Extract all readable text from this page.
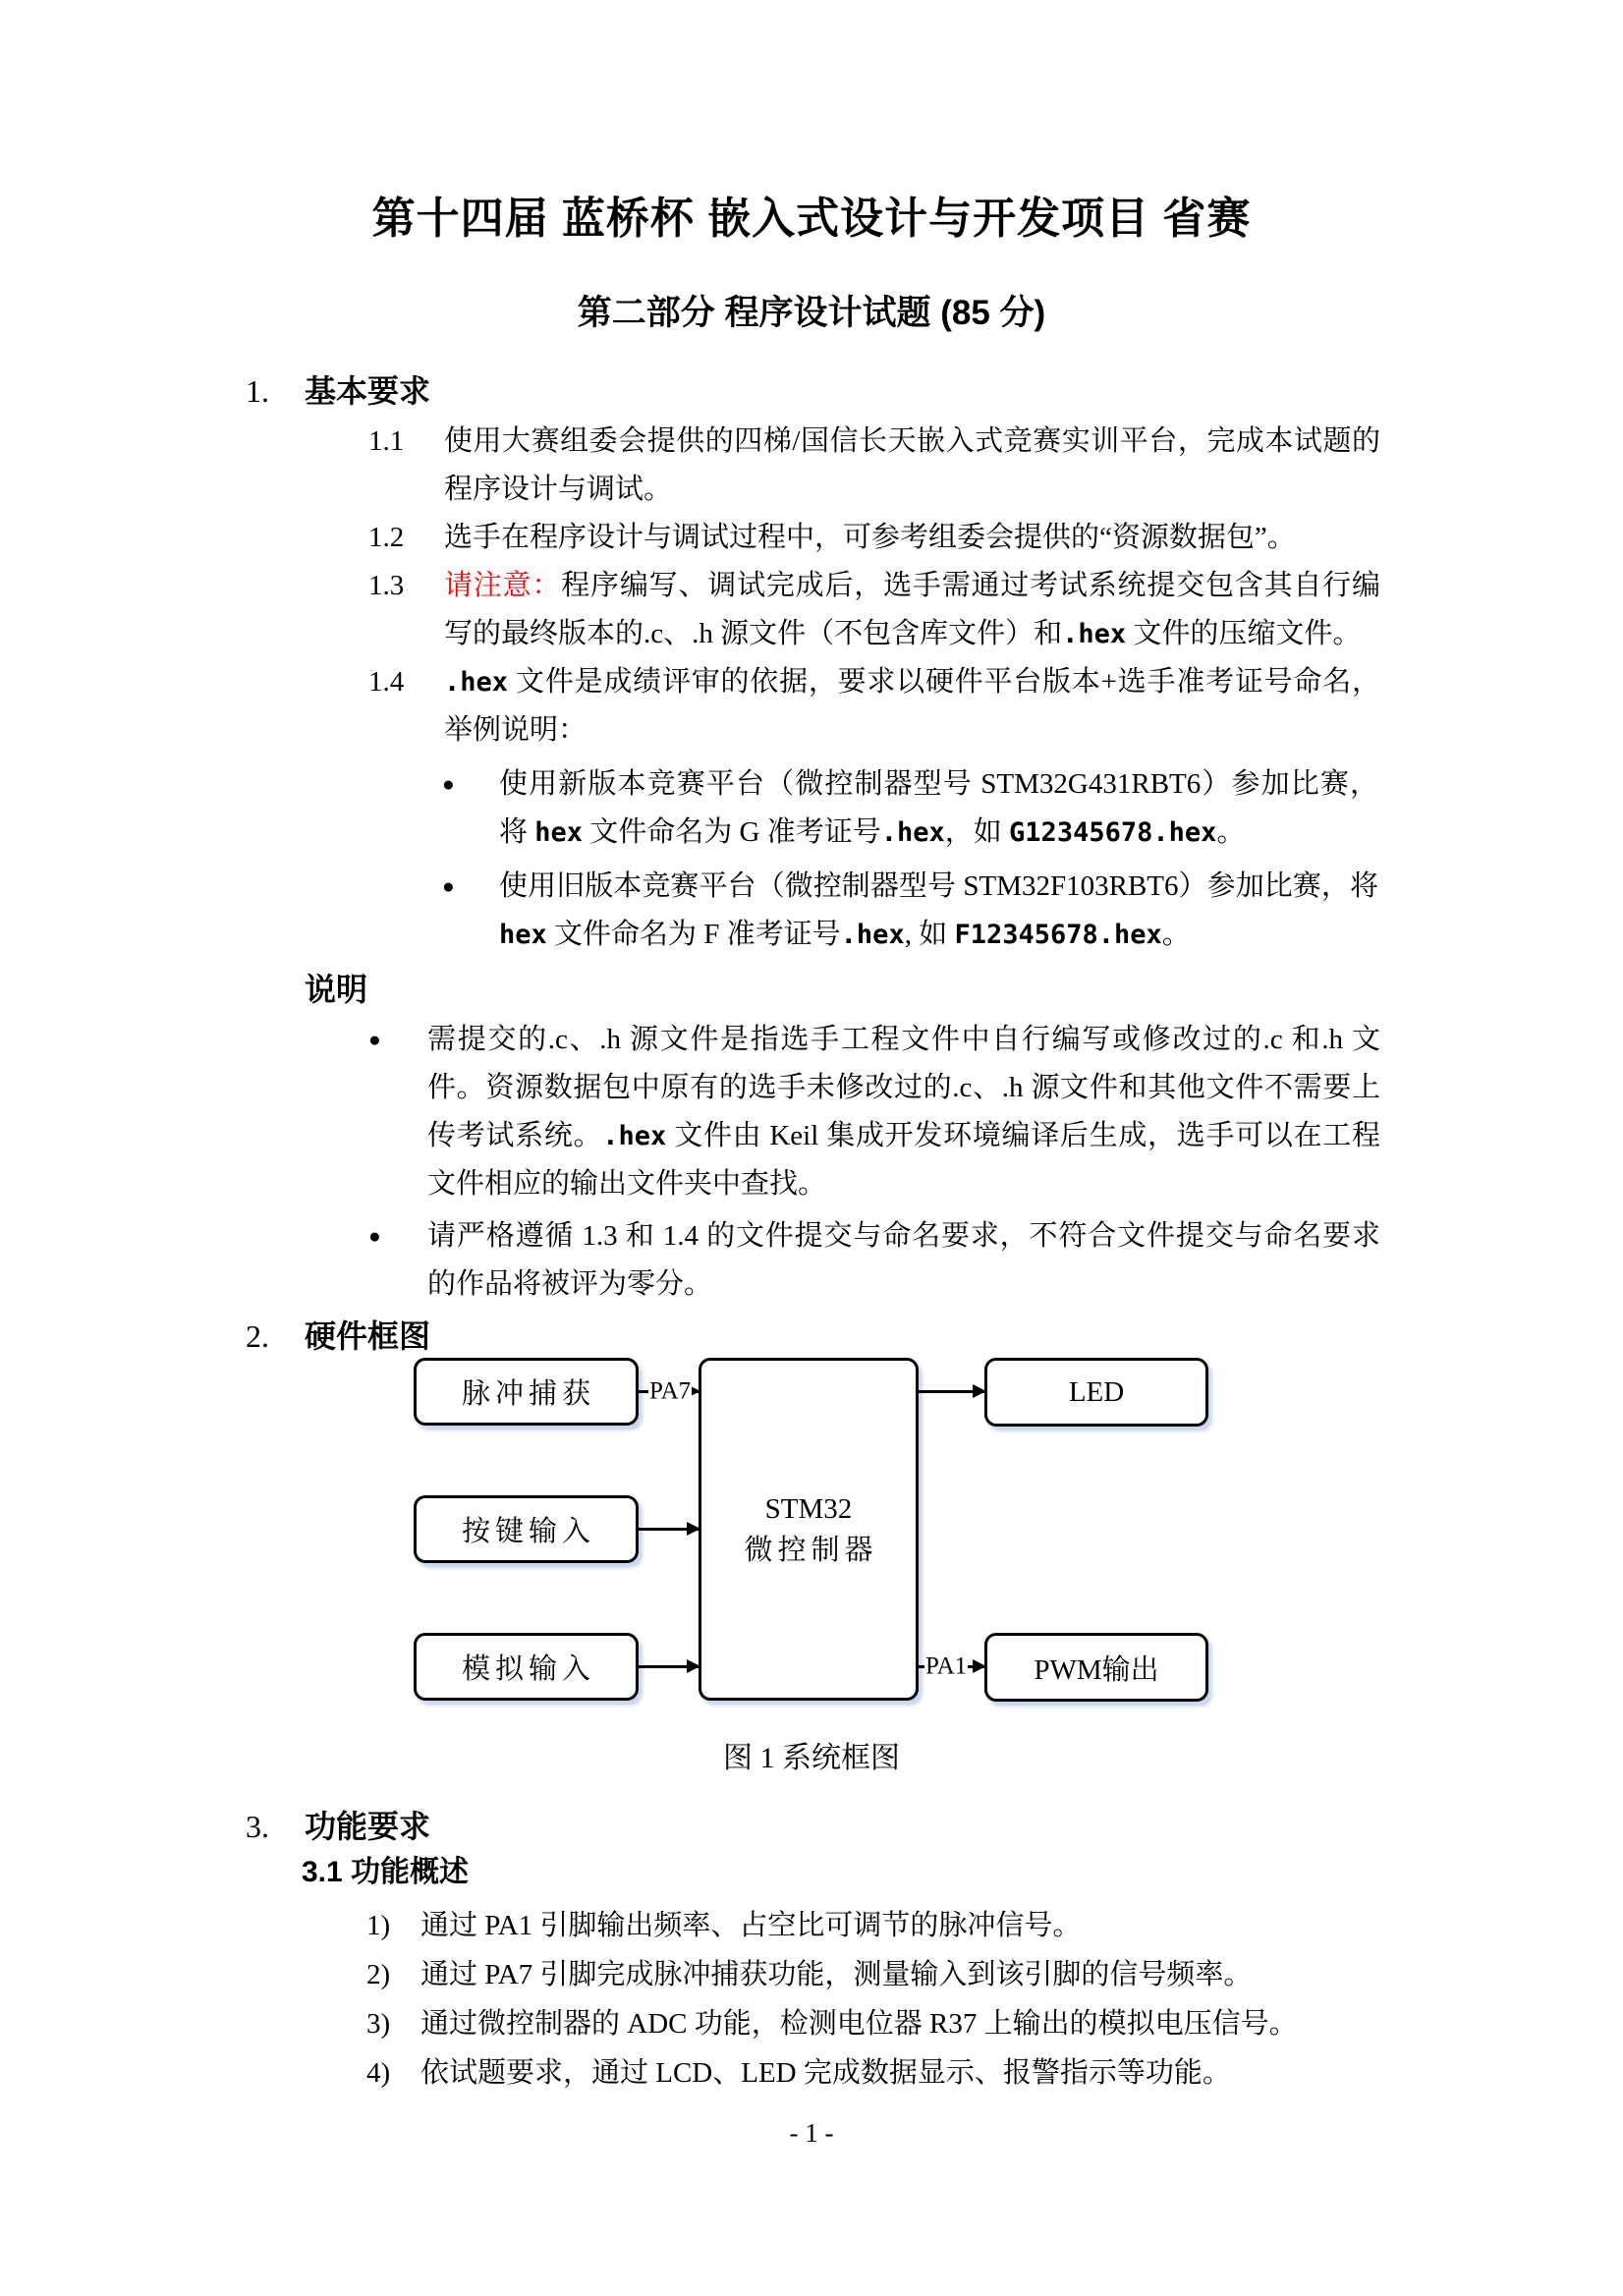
第十四届 蓝桥杯 嵌入式设计与开发项目 省赛
第二部分 程序设计试题 (85 分)
1.	基本要求
1.1	使用大赛组委会提供的四梯/国信长天嵌入式竞赛实训平台，完成本试题的程序设计与调试。
1.2	选手在程序设计与调试过程中，可参考组委会提供的“资源数据包”。
1.3	请注意：程序编写、调试完成后，选手需通过考试系统提交包含其自行编写的最终版本的.c、.h 源文件（不包含库文件）和.hex 文件的压缩文件。
1.4	.hex 文件是成绩评审的依据，要求以硬件平台版本+选手准考证号命名，举例说明：
●	使用新版本竞赛平台（微控制器型号 STM32G431RBT6）参加比赛，将 hex 文件命名为 G 准考证号.hex，如 G12345678.hex。
●	使用旧版本竞赛平台（微控制器型号 STM32F103RBT6）参加比赛，将 hex 文件命名为 F 准考证号.hex, 如 F12345678.hex。
说明
●	需提交的.c、.h 源文件是指选手工程文件中自行编写或修改过的.c 和.h 文件。资源数据包中原有的选手未修改过的.c、.h 源文件和其他文件不需要上传考试系统。.hex 文件由 Keil 集成开发环境编译后生成，选手可以在工程文件相应的输出文件夹中查找。
●	请严格遵循 1.3 和 1.4 的文件提交与命名要求，不符合文件提交与命名要求的作品将被评为零分。
2.	硬件框图
脉冲捕获
按键输入
模拟输入
STM32
微控制器
LED
PWM输出
PA7
PA1
图 1 系统框图
3.	功能要求
3.1 功能概述
1)	通过 PA1 引脚输出频率、占空比可调节的脉冲信号。
2)	通过 PA7 引脚完成脉冲捕获功能，测量输入到该引脚的信号频率。
3)	通过微控制器的 ADC 功能，检测电位器 R37 上输出的模拟电压信号。
4)	依试题要求，通过 LCD、LED 完成数据显示、报警指示等功能。
- 1 -
